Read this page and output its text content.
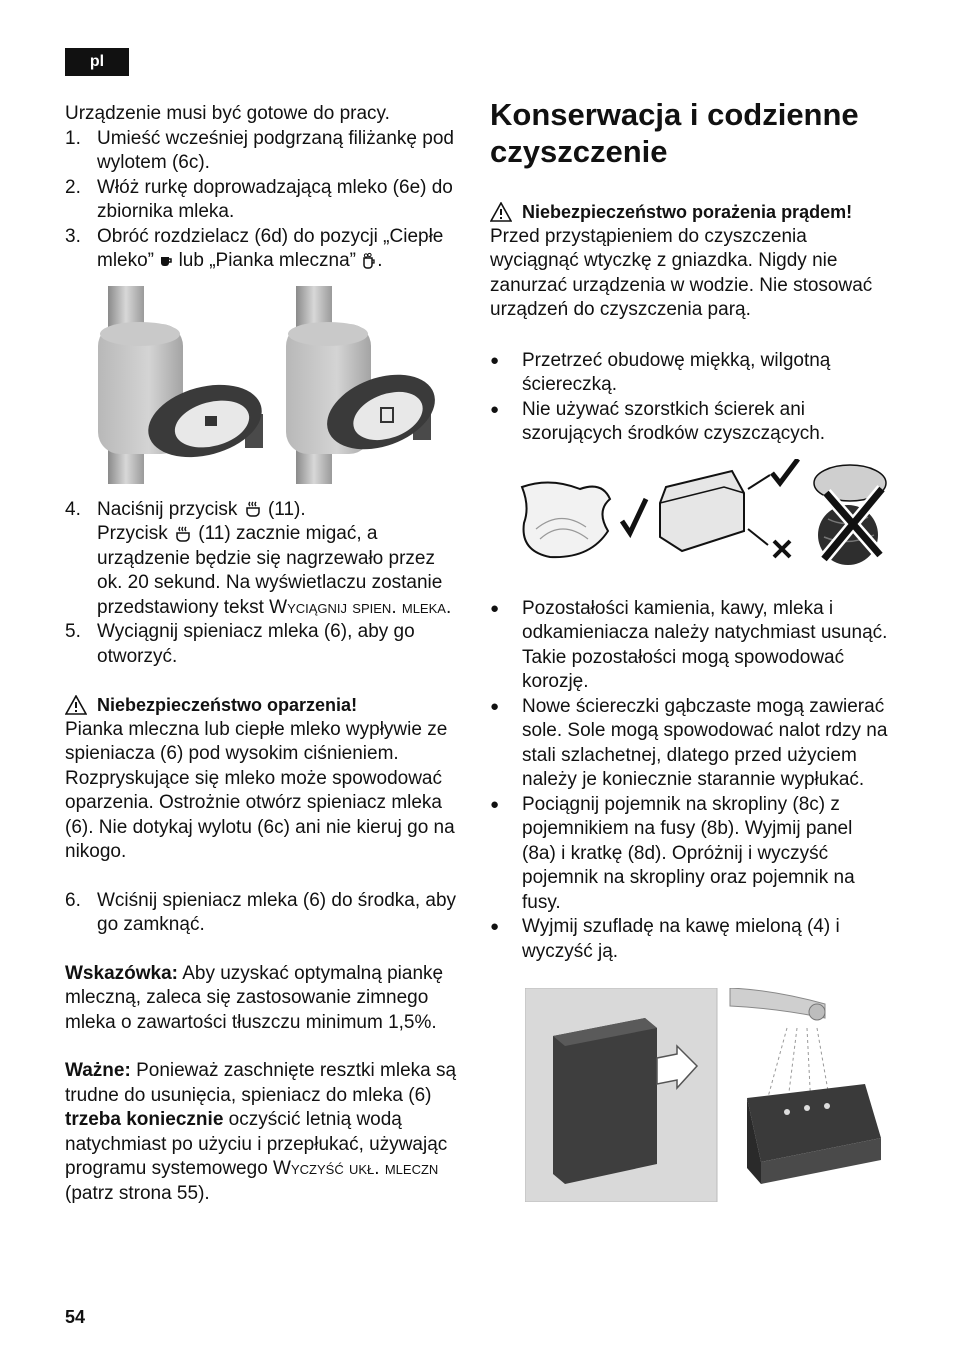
pl

Urządzenie musi być gotowe do pracy.

1. Umieść wcześniej podgrzaną filiżankę pod wylotem (6c).
2. Włóż rurkę doprowadzającą mleko (6e) do zbiornika mleka.
3. Obróć rozdzielacz (6d) do pozycji „Ciepłe mleko” lub „Pianka mleczna” .
4. Naciśnij przycisk (11).
Przycisk (11) zacznie migać, a urządzenie będzie się nagrzewało przez ok. 20 sekund. Na wyświetlaczu zostanie przedstawiony tekst Wyciągnij spien. mleka.
5. Wyciągnij spieniacz mleka (6), aby go otworzyć.
Niebezpieczeństwo oparzenia!

Pianka mleczna lub ciepłe mleko wypływie ze spieniacza (6) pod wysokim ciśnieniem. Rozpryskujące się mleko może spowodować oparzenia. Ostrożnie otwórz spieniacz mleka (6). Nie dotykaj wylotu (6c) ani nie kieruj go na nikogo.

6. Wciśnij spieniacz mleka (6) do środka, aby go zamknąć.

Wskazówka: Aby uzyskać optymalną piankę mleczną, zaleca się zastosowanie zimnego mleka o zawartości tłuszczu minimum 1,5%.

Ważne: Ponieważ zaschnięte resztki mleka są trudne do usunięcia, spieniacz do mleka (6) trzeba koniecznie oczyścić letnią wodą natychmiast po użyciu i przepłukać, używając programu systemowego Wyczyść ukł. mleczn (patrz strona 55).

Konserwacja i codzienne czyszczenie
Niebezpieczeństwo porażenia prądem!

Przed przystąpieniem do czyszczenia wyciągnąć wtyczkę z gniazdka. Nigdy nie zanurzać urządzenia w wodzie. Nie stosować urządzeń do czyszczenia parą.

● Przetrzeć obudowę miękką, wilgotną ściereczką.
● Nie używać szorstkich ścierek ani szorujących środków czyszczących.
● Pozostałości kamienia, kawy, mleka i odkamieniacza należy natychmiast usunąć. Takie pozostałości mogą spowodować korozję.
● Nowe ściereczki gąbczaste mogą zawierać sole. Sole mogą spowodować nalot rdzy na stali szlachetnej, dlatego przed użyciem należy je koniecznie starannie wypłukać.
● Pociągnij pojemnik na skropliny (8c) z pojemnikiem na fusy (8b). Wyjmij panel (8a) i kratkę (8d). Opróżnij i wyczyść pojemnik na skropliny oraz pojemnik na fusy.
● Wyjmij szufladę na kawę mieloną (4) i wyczyść ją.
54
